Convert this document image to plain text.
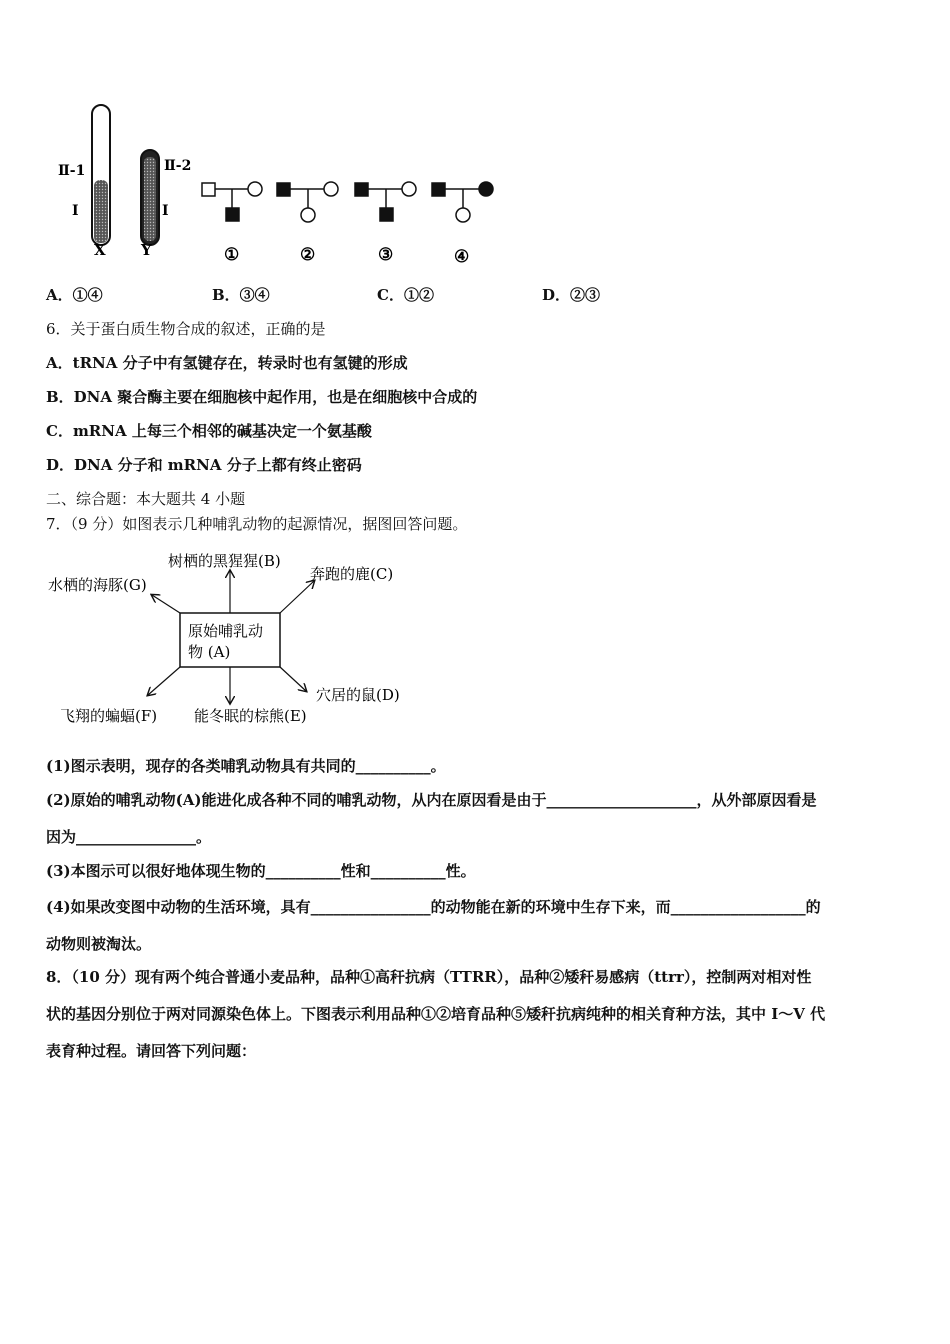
Ⅱ-1
Ⅰ
Ⅱ-2
Ⅰ
X Y	①	②	③	④
A．①④	B．③④	C．①②	D．②③
6．关于蛋白质生物合成的叙述，正确的是
A．tRNA 分子中有氢键存在，转录时也有氢键的形成
B．DNA 聚合酶主要在细胞核中起作用，也是在细胞核中合成的
C．mRNA 上每三个相邻的碱基决定一个氨基酸
D．DNA 分子和 mRNA 分子上都有终止密码
二、综合题：本大题共 4 小题
7．（9 分）如图表示几种哺乳动物的起源情况，据图回答问题。
原始哺乳动
物 (A)
树栖的黑猩猩(B)
奔跑的鹿(C)
水栖的海豚(G)
穴居的鼠(D)
飞翔的蝙蝠(F) 能冬眠的棕熊(E)
(1)图示表明，现存的各类哺乳动物具有共同的__________。
(2)原始的哺乳动物(A)能进化成各种不同的哺乳动物，从内在原因看是由于____________________，从外部原因看是
因为________________。
(3)本图示可以很好地体现生物的__________性和__________性。
(4)如果改变图中动物的生活环境，具有________________的动物能在新的环境中生存下来，而__________________的
动物则被淘汰。
8．（10 分）现有两个纯合普通小麦品种，品种①高秆抗病（TTRR），品种②矮秆易感病（ttrr），控制两对相对性
状的基因分别位于两对同源染色体上。下图表示利用品种①②培育品种⑤矮秆抗病纯种的相关育种方法，其中 I～V 代
表育种过程。请回答下列问题：
